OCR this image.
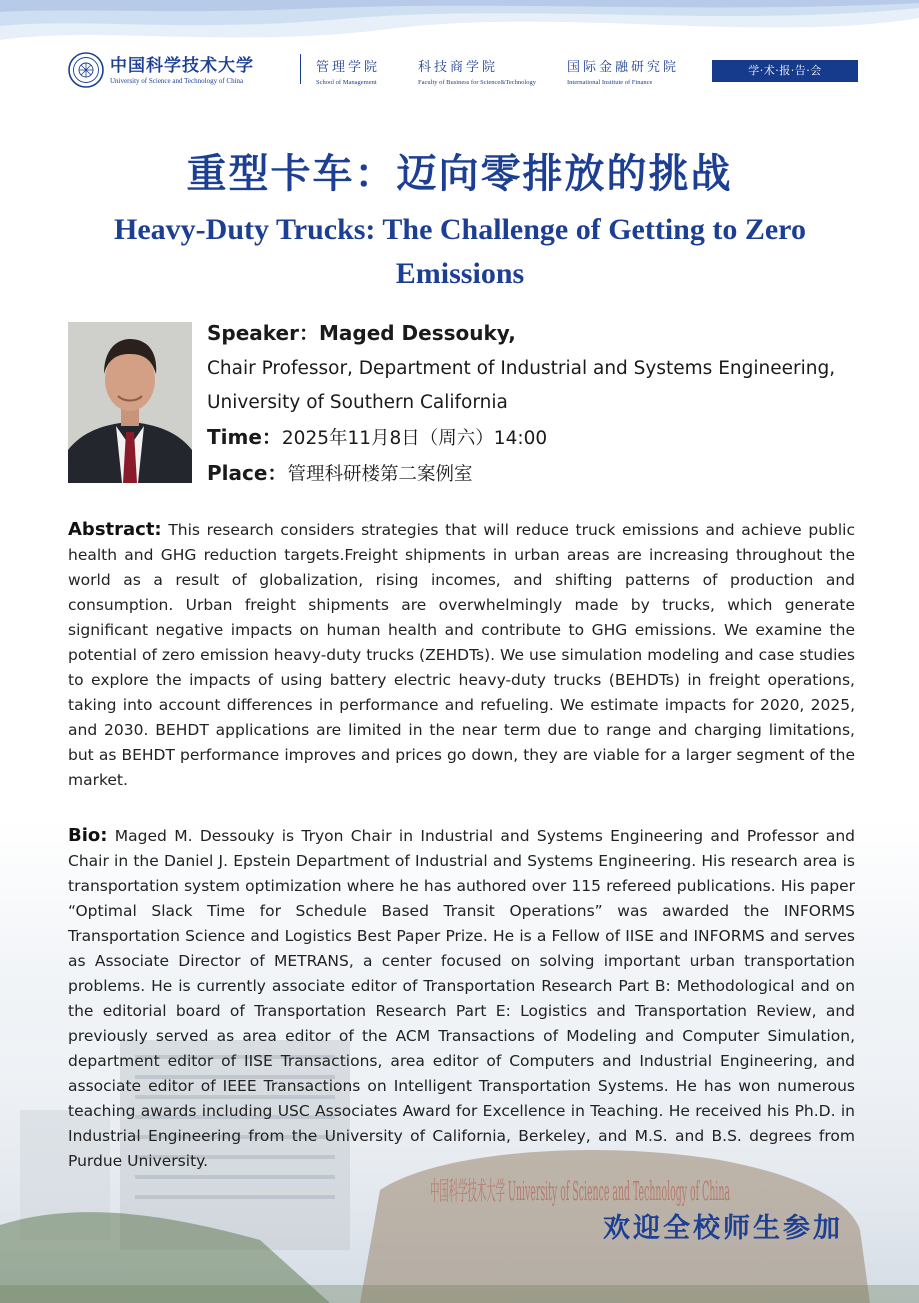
中国科学技术大学
University of Science and Technology of China
管理学院
School of Management
科技商学院
Faculty of Business for Science&Technology
国际金融研究院
International Institute of Finance
学·术·报·告·会
重型卡车：迈向零排放的挑战
Heavy-Duty Trucks: The Challenge of Getting to Zero Emissions
Speaker：Maged Dessouky,
Chair Professor, Department of Industrial and Systems Engineering, University of Southern California
Time：2025年11月8日（周六）14:00
Place：管理科研楼第二案例室
Abstract: This research considers strategies that will reduce truck emissions and achieve public health and GHG reduction targets.Freight shipments in urban areas are increasing throughout the world as a result of globalization, rising incomes, and shifting patterns of production and consumption. Urban freight shipments are overwhelmingly made by trucks, which generate significant negative impacts on human health and contribute to GHG emissions. We examine the potential of zero emission heavy-duty trucks (ZEHDTs). We use simulation modeling and case studies to explore the impacts of using battery electric heavy-duty trucks (BEHDTs) in freight operations, taking into account differences in performance and refueling. We estimate impacts for 2020, 2025, and 2030. BEHDT applications are limited in the near term due to range and charging limitations, but as BEHDT performance improves and prices go down, they are viable for a larger segment of the market.
中国科学技术大学 University of Science and Technology of China
Bio: Maged M. Dessouky is Tryon Chair in Industrial and Systems Engineering and Professor and Chair in the Daniel J. Epstein Department of Industrial and Systems Engineering. His research area is transportation system optimization where he has authored over 115 refereed publications. His paper “Optimal Slack Time for Schedule Based Transit Operations” was awarded the INFORMS Transportation Science and Logistics Best Paper Prize. He is a Fellow of IISE and INFORMS and serves as Associate Director of METRANS, a center focused on solving important urban transportation problems. He is currently associate editor of Transportation Research Part B: Methodological and on the editorial board of Transportation Research Part E: Logistics and Transportation Review, and previously served as area editor of the ACM Transactions of Modeling and Computer Simulation, department editor of IISE Transactions, area editor of Computers and Industrial Engineering, and associate editor of IEEE Transactions on Intelligent Transportation Systems. He has won numerous teaching awards including USC Associates Award for Excellence in Teaching. He received his Ph.D. in Industrial Engineering from the University of California, Berkeley, and M.S. and B.S. degrees from Purdue University.
欢迎全校师生参加
